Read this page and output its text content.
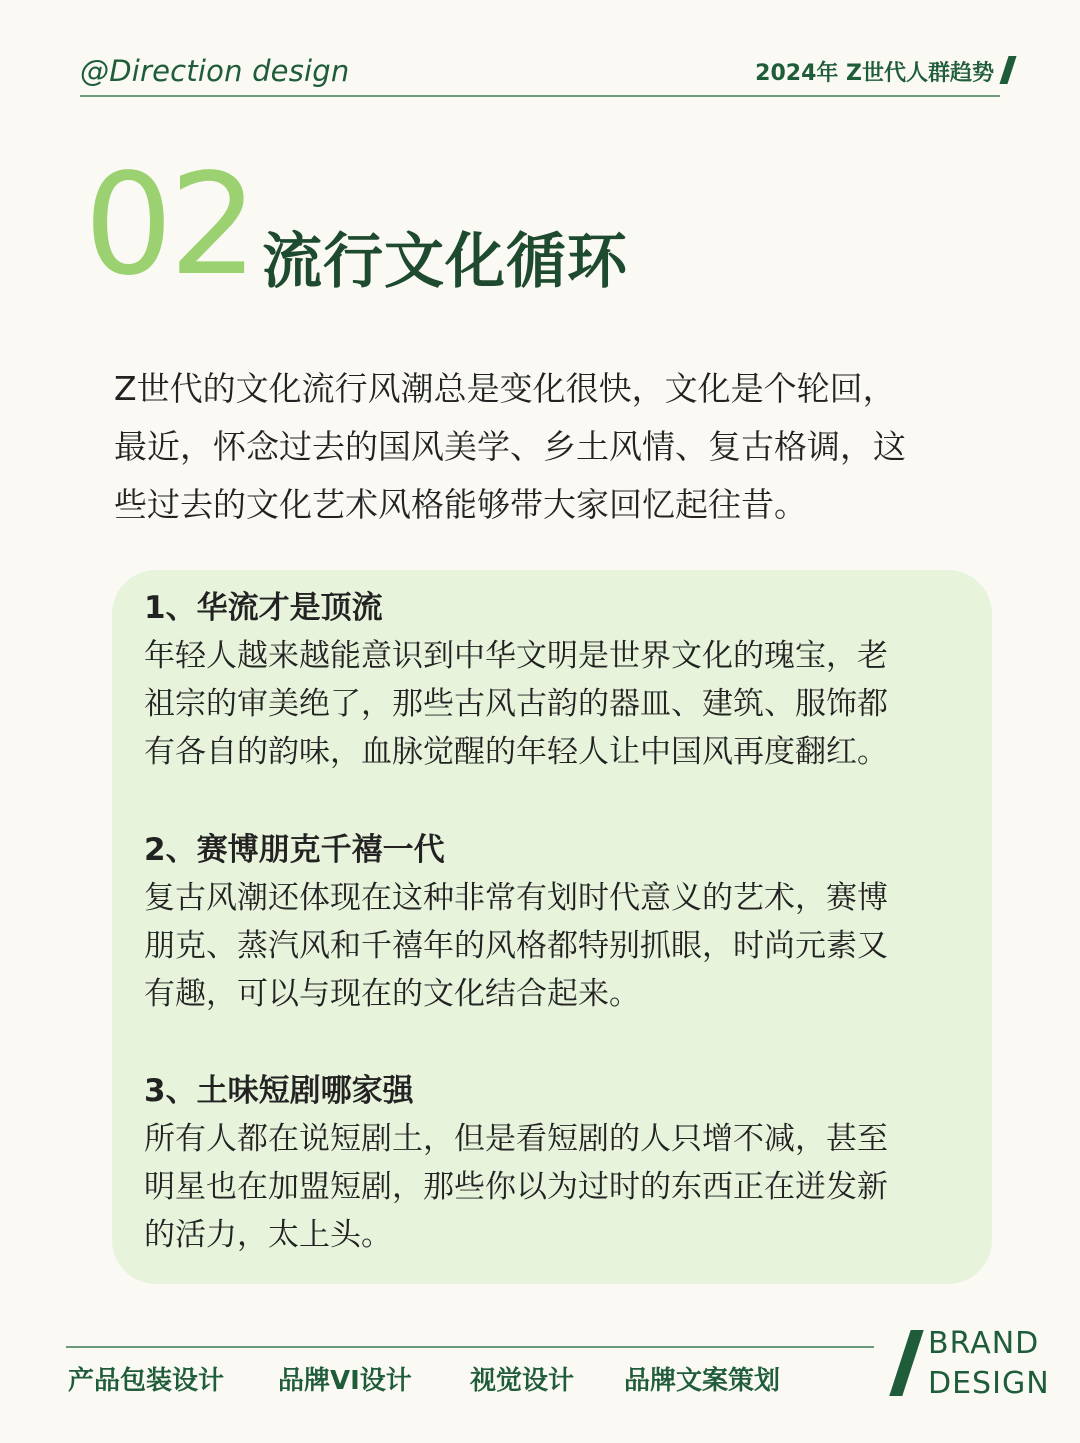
@Direction design	2024年 Z世代人群趋势
02 流行文化循环
Z世代的文化流行风潮总是变化很快，文化是个轮回，
最近，怀念过去的国风美学、乡土风情、复古格调，这
些过去的文化艺术风格能够带大家回忆起往昔。

1、华流才是顶流

年轻人越来越能意识到中华文明是世界文化的瑰宝，老

祖宗的审美绝了，那些古风古韵的器皿、建筑、服饰都

有各自的韵味，血脉觉醒的年轻人让中国风再度翻红。

2、赛博朋克千禧一代

复古风潮还体现在这种非常有划时代意义的艺术，赛博

朋克、蒸汽风和千禧年的风格都特别抓眼，时尚元素又

有趣，可以与现在的文化结合起来。

3、土味短剧哪家强

所有人都在说短剧土，但是看短剧的人只增不减，甚至

明星也在加盟短剧，那些你以为过时的东西正在迸发新

的活力，太上头。

产品包装设计 品牌VI设计 视觉设计 品牌文案策划
BRAND
DESIGN
